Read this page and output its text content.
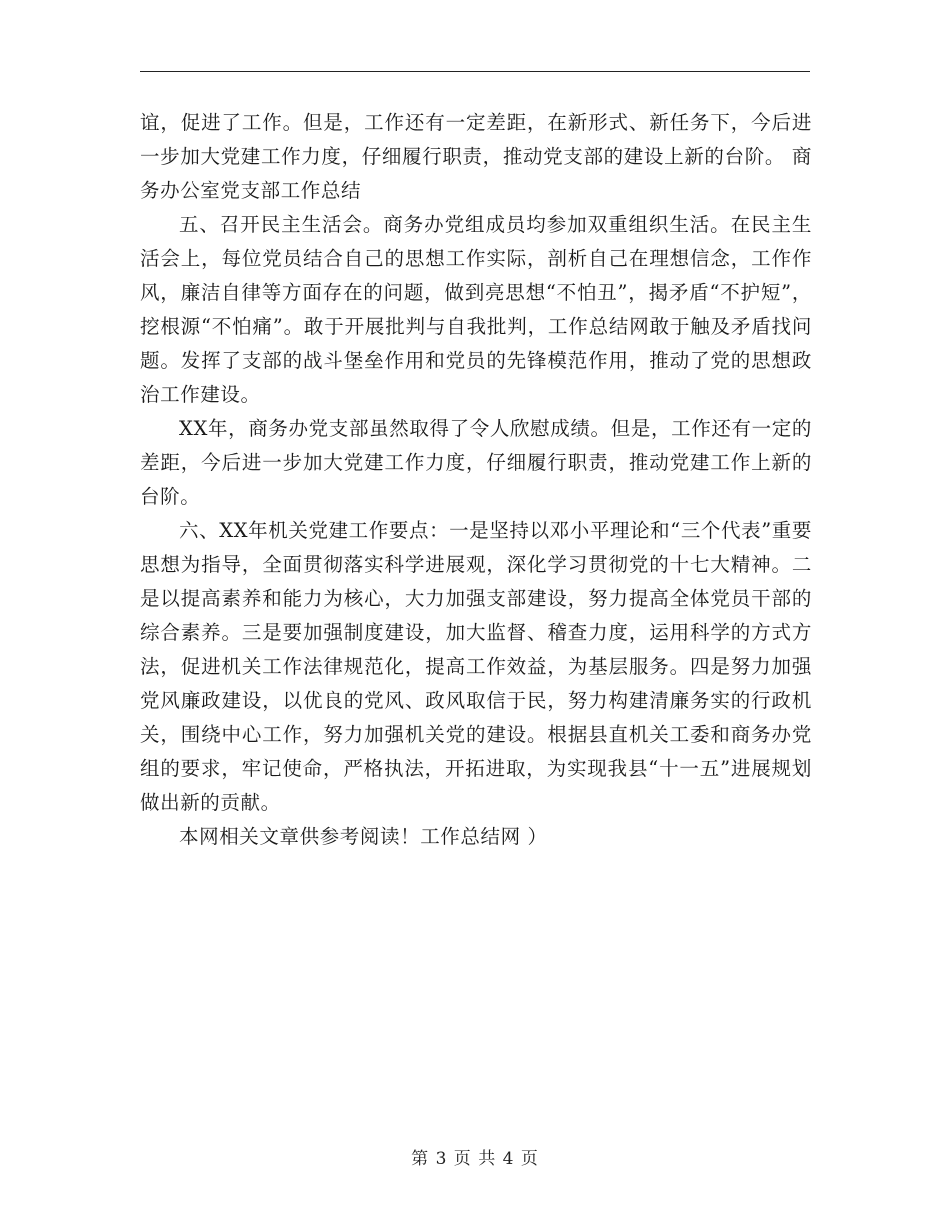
谊，促进了工作。但是，工作还有一定差距，在新形式、新任务下，今后进一步加大党建工作力度，仔细履行职责，推动党支部的建设上新的台阶。 商务办公室党支部工作总结

五、召开民主生活会。商务办党组成员均参加双重组织生活。在民主生活会上，每位党员结合自己的思想工作实际，剖析自己在理想信念，工作作风，廉洁自律等方面存在的问题，做到亮思想“不怕丑”，揭矛盾“不护短”，挖根源“不怕痛”。敢于开展批判与自我批判，工作总结网敢于触及矛盾找问题。发挥了支部的战斗堡垒作用和党员的先锋模范作用，推动了党的思想政治工作建设。

XX年，商务办党支部虽然取得了令人欣慰成绩。但是，工作还有一定的差距，今后进一步加大党建工作力度，仔细履行职责，推动党建工作上新的台阶。

六、XX年机关党建工作要点：一是坚持以邓小平理论和“三个代表”重要思想为指导，全面贯彻落实科学进展观，深化学习贯彻党的十七大精神。二是以提高素养和能力为核心，大力加强支部建设，努力提高全体党员干部的综合素养。三是要加强制度建设，加大监督、稽查力度，运用科学的方式方法，促进机关工作法律规范化，提高工作效益，为基层服务。四是努力加强党风廉政建设，以优良的党风、政风取信于民，努力构建清廉务实的行政机关，围绕中心工作，努力加强机关党的建设。根据县直机关工委和商务办党组的要求，牢记使命，严格执法，开拓进取，为实现我县“十一五”进展规划做出新的贡献。

本网相关文章供参考阅读！工作总结网 ）

第 3 页 共 4 页
